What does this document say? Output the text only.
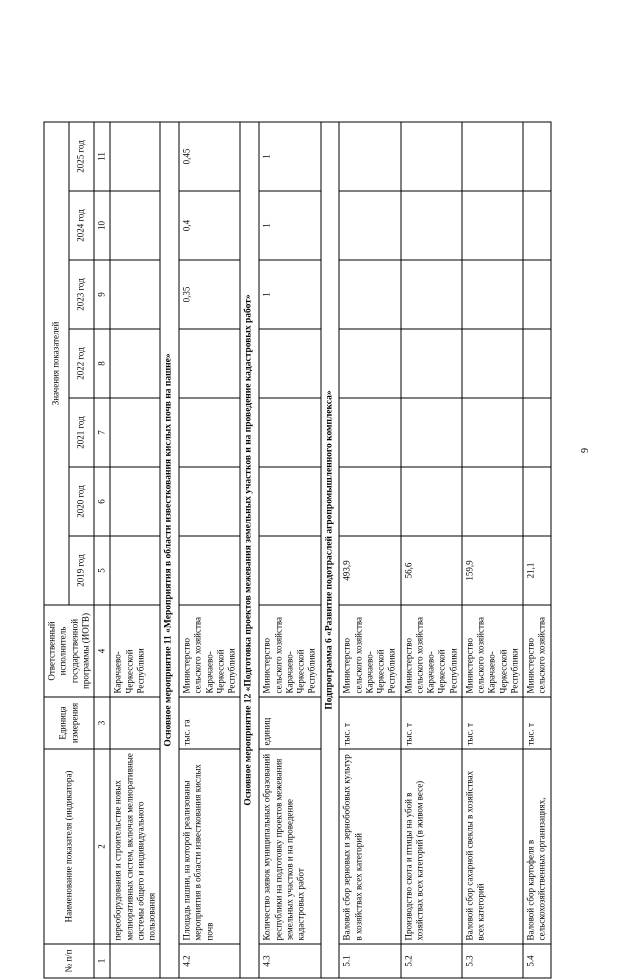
№ п/п	Наименование показателя (индикатора)	Единица измерения	Ответственный исполнитель государственной программы (ИОГВ)	Значения показателей						
				2019 год	2020 год	2021 год	2022 год	2023 год	2024 год	2025 год
1	2	3	4	5	6	7	8	9	10	11
	переоборудования и строительстве новых мелиоративных систем, включая мелиоративные системы общего и индивидуального пользования		Карачаево-Черкесской Республики							
Основное мероприятие 11 «Мероприятия в области известкования кислых почв на пашне»										
4.2	Площадь пашни, на которой реализованы мероприятия в области известкования кислых почв	тыс. га	Министерство сельского хозяйства Карачаево-Черкесской Республики					0,35	0,4	0,45
Основное мероприятие 12 «Подготовка проектов межевания земельных участков и на проведение кадастровых работ»										
4.3	Количество заявок муниципальных образований республики на подготовку проектов межевания земельных участков и на проведение кадастровых работ	единиц	Министерство сельского хозяйства Карачаево-Черкесской Республики					1	1	1
Подпрограмма 6 «Развитие подотраслей агропромышленного комплекса»										
5.1	Валовой сбор зерновых и зернобобовых культур в хозяйствах всех категорий	тыс. т	Министерство сельского хозяйства Карачаево-Черкесской Республики	493,9						
5.2	Производство скота и птицы на убой в хозяйствах всех категорий (в живом весе)	тыс. т	Министерство сельского хозяйства Карачаево-Черкесской Республики	56,6						
5.3	Валовой сбор сахарной свеклы в хозяйствах всех категорий	тыс. т	Министерство сельского хозяйства Карачаево-Черкесской Республики	159,9						
5.4	Валовой сбор картофеля в сельскохозяйственных организациях,	тыс. т	Министерство сельского хозяйства	21,1						
9
